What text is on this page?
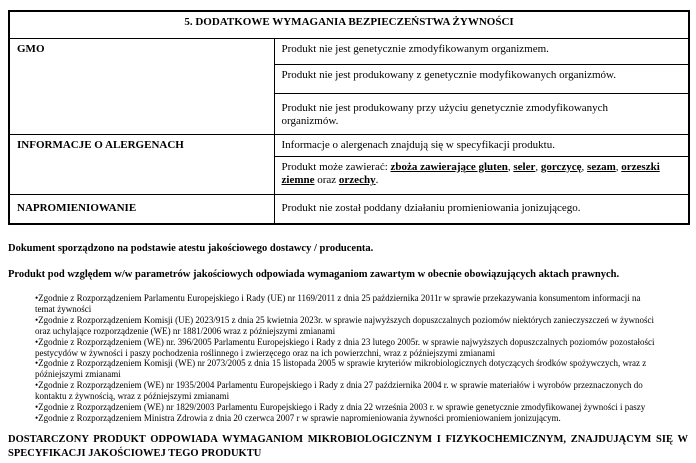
5. DODATKOWE WYMAGANIA BEZPIECZEŃSTWA ŻYWNOŚCI	
GMO	Produkt nie jest genetycznie zmodyfikowanym organizmem.
	Produkt nie jest produkowany z genetycznie modyfikowanych organizmów.
	Produkt nie jest produkowany przy użyciu genetycznie zmodyfikowanych organizmów.
INFORMACJE O ALERGENACH	Informacje o alergenach znajdują się w specyfikacji produktu.
	Produkt może zawierać: zboża zawierające gluten, seler, gorczycę, sezam, orzeszki ziemne oraz orzechy.
NAPROMIENIOWANIE	Produkt nie został poddany działaniu promieniowania jonizującego.

Dokument sporządzono na podstawie atestu jakościowego dostawcy / producenta.

Produkt pod względem w/w parametrów jakościowych odpowiada wymaganiom zawartym w obecnie obowiązujących aktach prawnych.

• Zgodnie z Rozporządzeniem Parlamentu Europejskiego i Rady (UE) nr 1169/2011 z dnia 25 października 2011r w sprawie przekazywania konsumentom informacji na temat żywności
• Zgodnie z Rozporządzeniem Komisji (UE) 2023/915 z dnia 25 kwietnia 2023r. w sprawie najwyższych dopuszczalnych poziomów niektórych zanieczyszczeń w żywności oraz uchylające rozporządzenie (WE) nr 1881/2006 wraz z późniejszymi zmianami
• Zgodnie z Rozporządzeniem (WE) nr. 396/2005 Parlamentu Europejskiego i Rady z dnia 23 lutego 2005r. w sprawie najwyższych dopuszczalnych poziomów pozostałości pestycydów w żywności i paszy pochodzenia roślinnego i zwierzęcego oraz na ich powierzchni, wraz z późniejszymi zmianami
• Zgodnie z Rozporządzeniem Komisji (WE) nr 2073/2005 z dnia 15 listopada 2005 w sprawie kryteriów mikrobiologicznych dotyczących środków spożywczych, wraz z późniejszymi zmianami
• Zgodnie z Rozporządzeniem (WE) nr 1935/2004 Parlamentu Europejskiego i Rady z dnia 27 października 2004 r. w sprawie materiałów i wyrobów przeznaczonych do kontaktu z żywnością, wraz z późniejszymi zmianami
• Zgodnie z Rozporządzeniem (WE) nr 1829/2003 Parlamentu Europejskiego i Rady z dnia 22 września 2003 r. w sprawie genetycznie zmodyfikowanej żywności i paszy
• Zgodnie z Rozporządzeniem Ministra Zdrowia z dnia 20 czerwca 2007 r w sprawie napromieniowania żywności promieniowaniem jonizującym.

DOSTARCZONY PRODUKT ODPOWIADA WYMAGANIOM MIKROBIOLOGICZNYM I FIZYKOCHEMICZNYM, ZNAJDUJĄCYM SIĘ W SPECYFIKACJI JAKOŚCIOWEJ TEGO PRODUKTU
